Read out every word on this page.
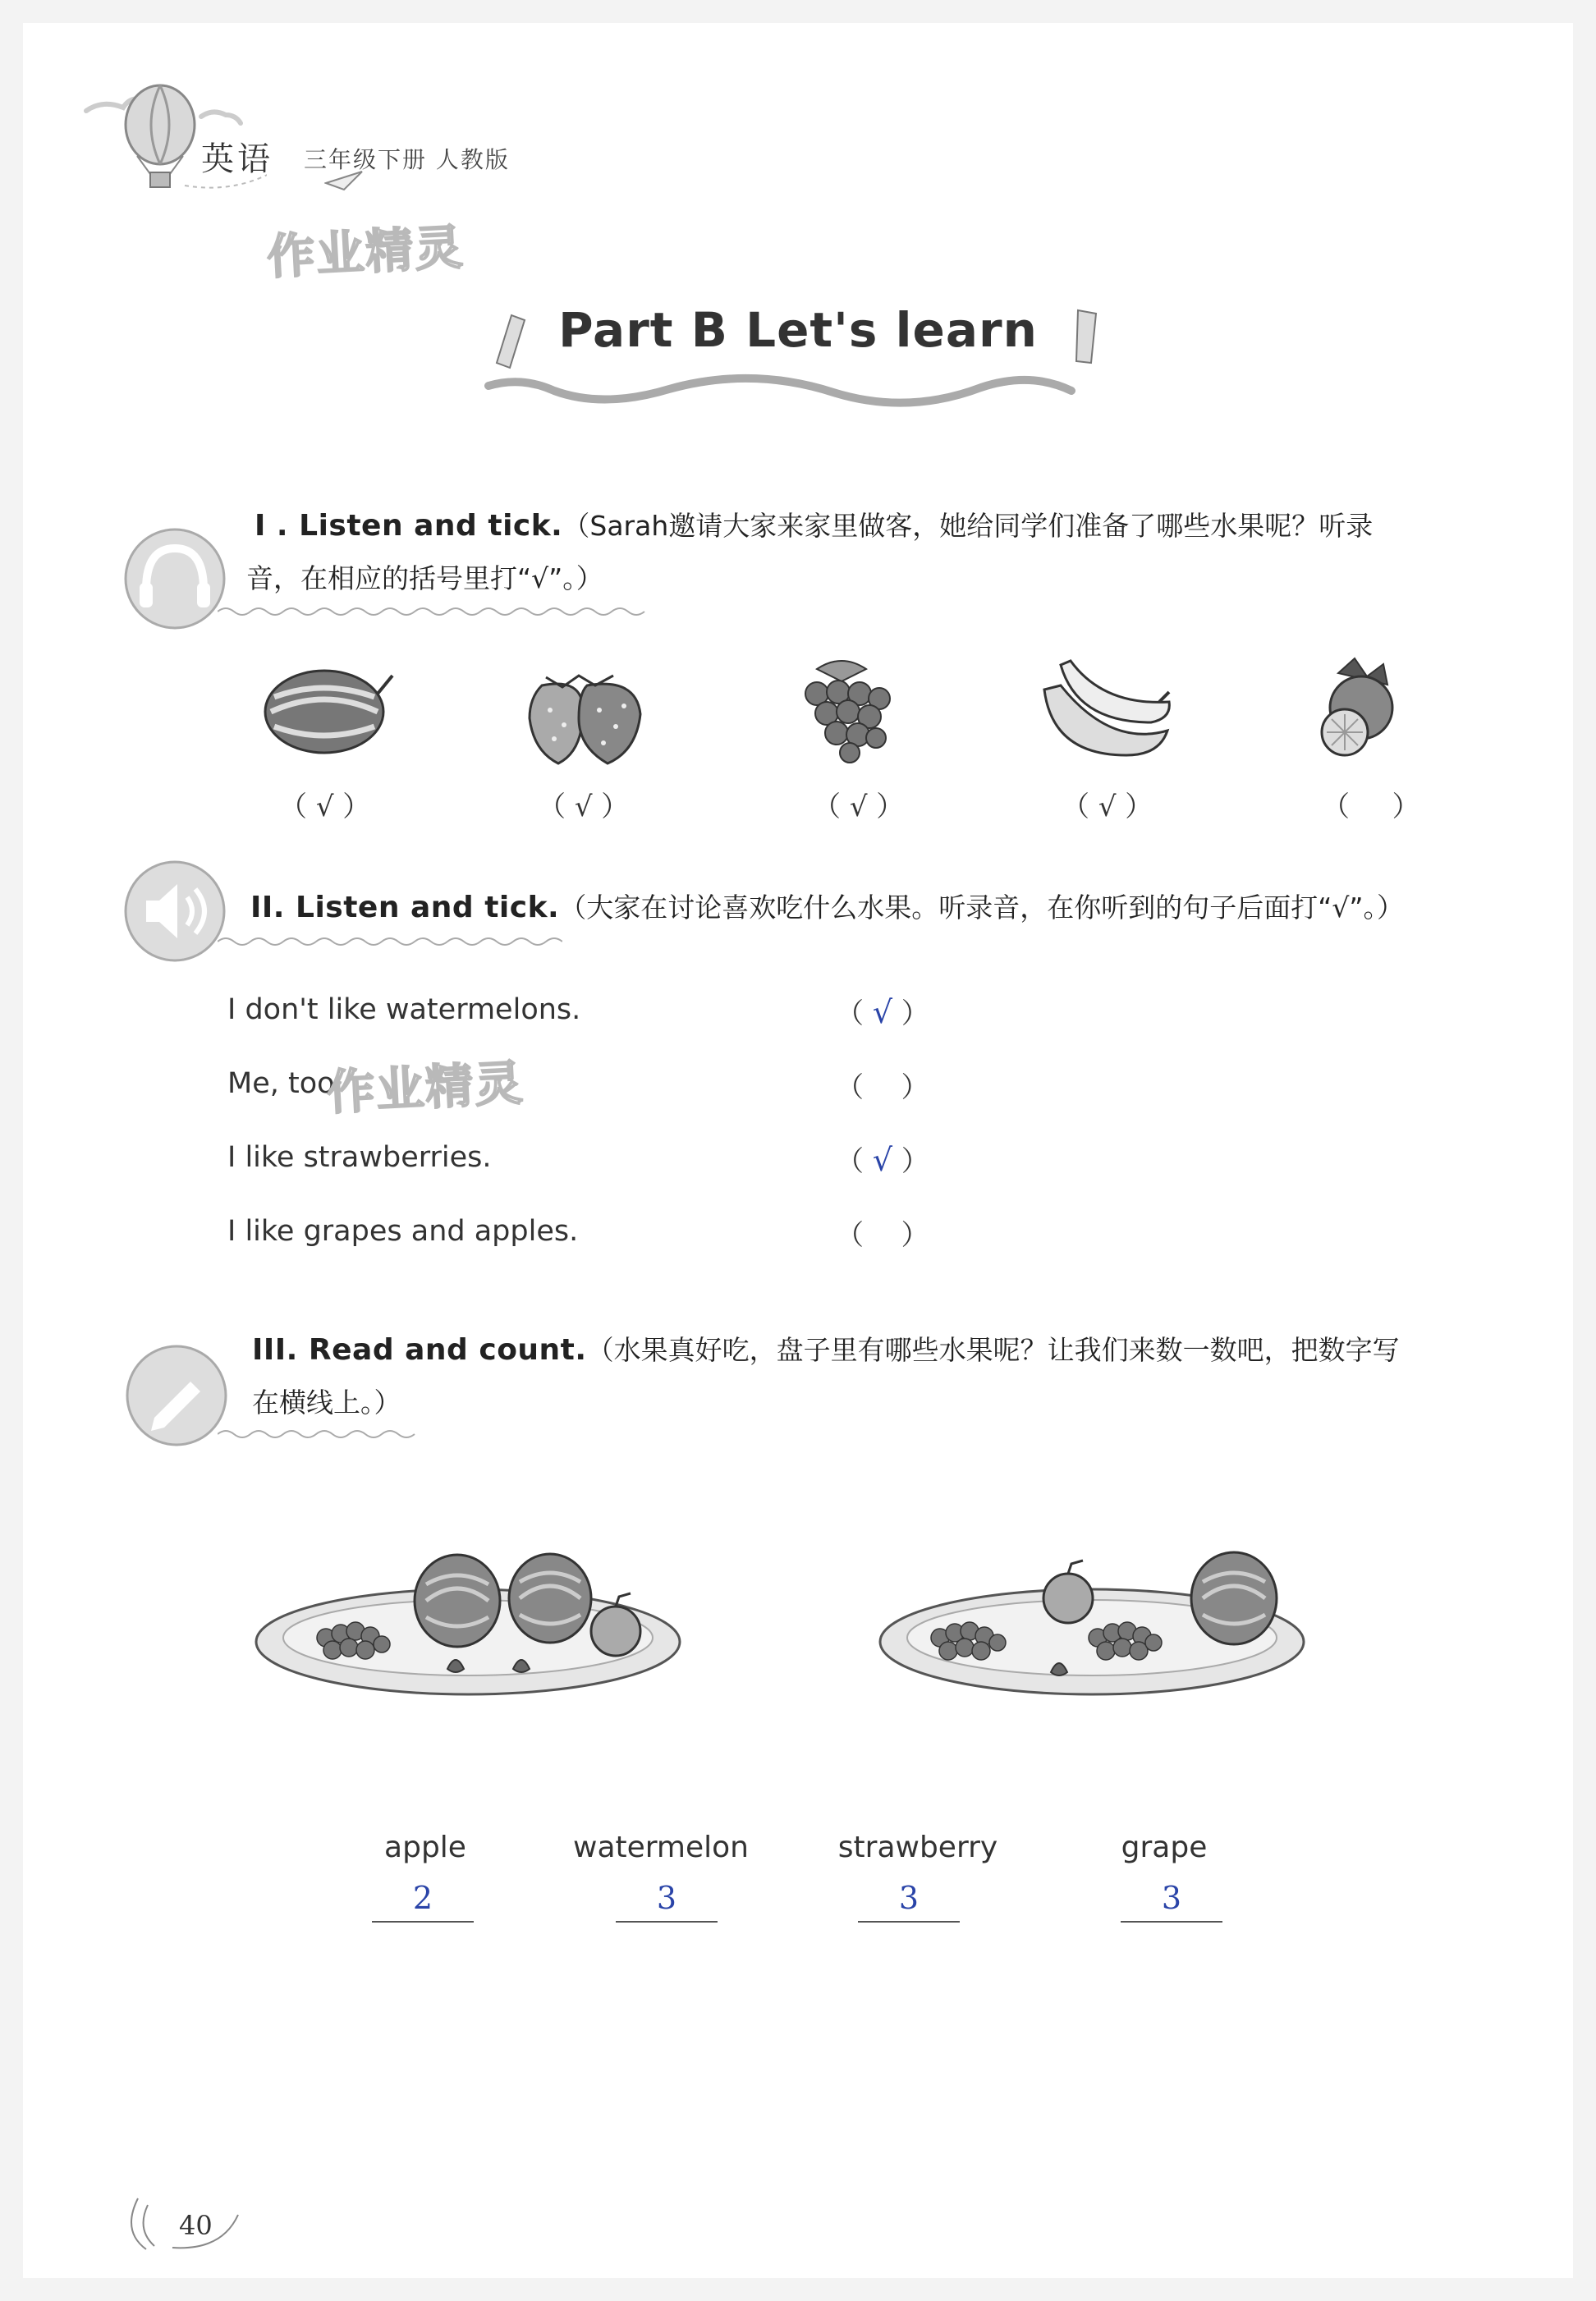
英语 三年级下册 人教版
作业精灵
Part B Let's learn
I . Listen and tick.（Sarah邀请大家来家里做客，她给同学们准备了哪些水果呢？听录
音，在相应的括号里打“√”。）
（ √ ）	（ √ ）	（ √ ）	（ √ ）	（  ）
II. Listen and tick.（大家在讨论喜欢吃什么水果。听录音，在你听到的句子后面打“√”。）
I don't like watermelons.	（ √ ）
Me, too.	（  ）
作业精灵
I like strawberries.	（ √ ）
I like grapes and apples.	（  ）
III. Read and count.（水果真好吃，盘子里有哪些水果呢？让我们来数一数吧，把数字写
在横线上。）
apple
2
watermelon
3
strawberry
3
grape
3
40
